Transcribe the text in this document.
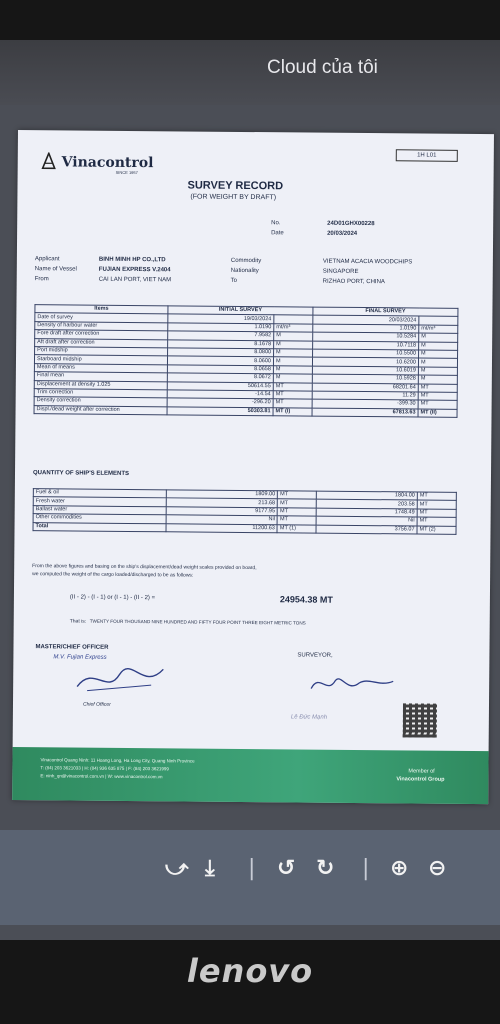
Cloud của tôi
Vinacontrol
SINCE 1957
1H L01
SURVEY RECORD
(FOR WEIGHT BY DRAFT)
No.	24D01GHX00228
Date	20/03/2024
Applicant	BINH MINH HP CO.,LTD
Name of Vessel	FUJIAN EXPRESS V.2404
From	CAI LAN PORT, VIET NAM
Commodity	VIETNAM ACACIA WOODCHIPS
Nationality	SINGAPORE
To	RIZHAO PORT, CHINA
Items	INITIAL SURVEY		FINAL SURVEY	
Date of survey	19/03/2024		20/03/2024	
Density of harbour water	1.0190	mt/m³	1.0190	mt/m³
Fore draft after correction	7.9582	M	10.5284	M
Aft draft after correction	8.1678	M	10.7118	M
Port midship	8.0800	M	10.5500	M
Starboard midship	8.0600	M	10.6200	M
Mean of means	8.0658	M	10.6019	M
Final mean	8.0672	M	10.5928	M
Displacement at density 1.025	50614.55	MT	68201.64	MT
Trim correction	-14.54	MT	11.29	MT
Density correction	-296.20	MT	-399.30	MT
Displ./dead weight after correction	50303.81	MT (I)	67813.63	MT (II)
QUANTITY OF SHIP'S ELEMENTS
Fuel & oil	1809.00	MT	1804.00	MT
Fresh water	213.68	MT	203.58	MT
Ballast water	9177.95	MT	1748.49	MT
Other commodities	Nil	MT	Nil	MT
Total	11200.63	MT (1)	3756.07	MT (2)
From the above figures and basing on the ship's displacement/dead weight scales provided on board,
we computed the weight of the cargo loaded/discharged to be as follows:
(II - 2) - (I - 1) or (I - 1) - (II - 2) =	24954.38 MT
That is: TWENTY FOUR THOUSAND NINE HUNDRED AND FIFTY FOUR POINT THREE EIGHT METRIC TONS
MASTER/CHIEF OFFICER
M.V. Fujian Express
Chief Officer
SURVEYOR,
Lê Đức Mạnh
Vinacontrol Quang Ninh: 11 Hoang Long, Ha Long City, Quang Ninh Province
T: (84) 203 3621033 | H: (84) 936 635 875 | F: (84) 203 3621999
E: ninh_qn@vinacontrol.com.vn | W: www.vinacontrol.com.vn
Member of
Vinacontrol Group
⤻ ⤓ | ↺ ↻ | ⊕ ⊖
lenovo
